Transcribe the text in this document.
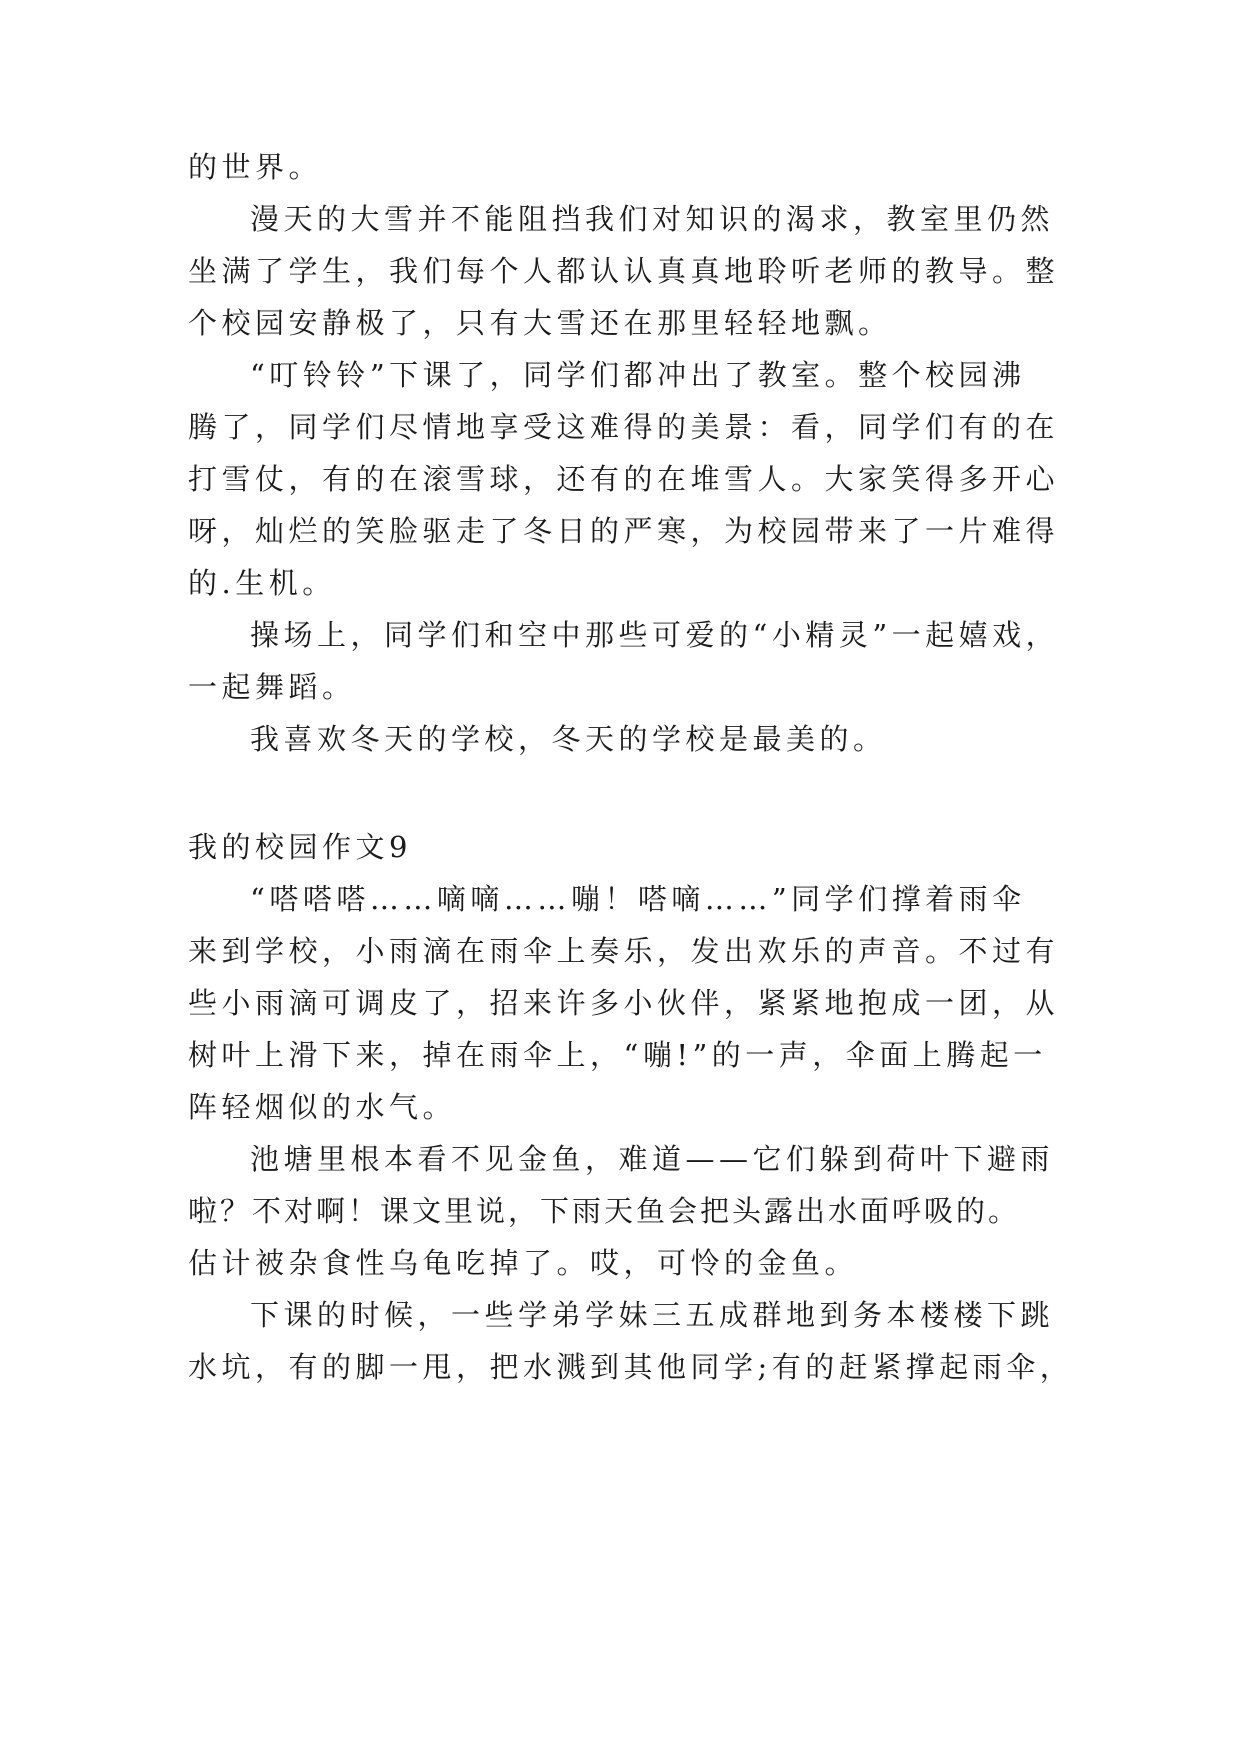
的世界。
漫天的大雪并不能阻挡我们对知识的渴求，教室里仍然
坐满了学生，我们每个人都认认真真地聆听老师的教导。整
个校园安静极了，只有大雪还在那里轻轻地飘。
“叮铃铃”下课了，同学们都冲出了教室。整个校园沸
腾了，同学们尽情地享受这难得的美景：看，同学们有的在
打雪仗，有的在滚雪球，还有的在堆雪人。大家笑得多开心
呀，灿烂的笑脸驱走了冬日的严寒，为校园带来了一片难得
的.生机。
操场上，同学们和空中那些可爱的“小精灵”一起嬉戏，
一起舞蹈。
我喜欢冬天的学校，冬天的学校是最美的。
我的校园作文9
“嗒嗒嗒……嘀嘀……嘣！嗒嘀……”同学们撑着雨伞
来到学校，小雨滴在雨伞上奏乐，发出欢乐的声音。不过有
些小雨滴可调皮了，招来许多小伙伴，紧紧地抱成一团，从
树叶上滑下来，掉在雨伞上，“嘣!”的一声，伞面上腾起一
阵轻烟似的水气。
池塘里根本看不见金鱼，难道——它们躲到荷叶下避雨
啦？不对啊！课文里说，下雨天鱼会把头露出水面呼吸的。
估计被杂食性乌龟吃掉了。哎，可怜的金鱼。
下课的时候，一些学弟学妹三五成群地到务本楼楼下跳
水坑，有的脚一甩，把水溅到其他同学;有的赶紧撑起雨伞，
